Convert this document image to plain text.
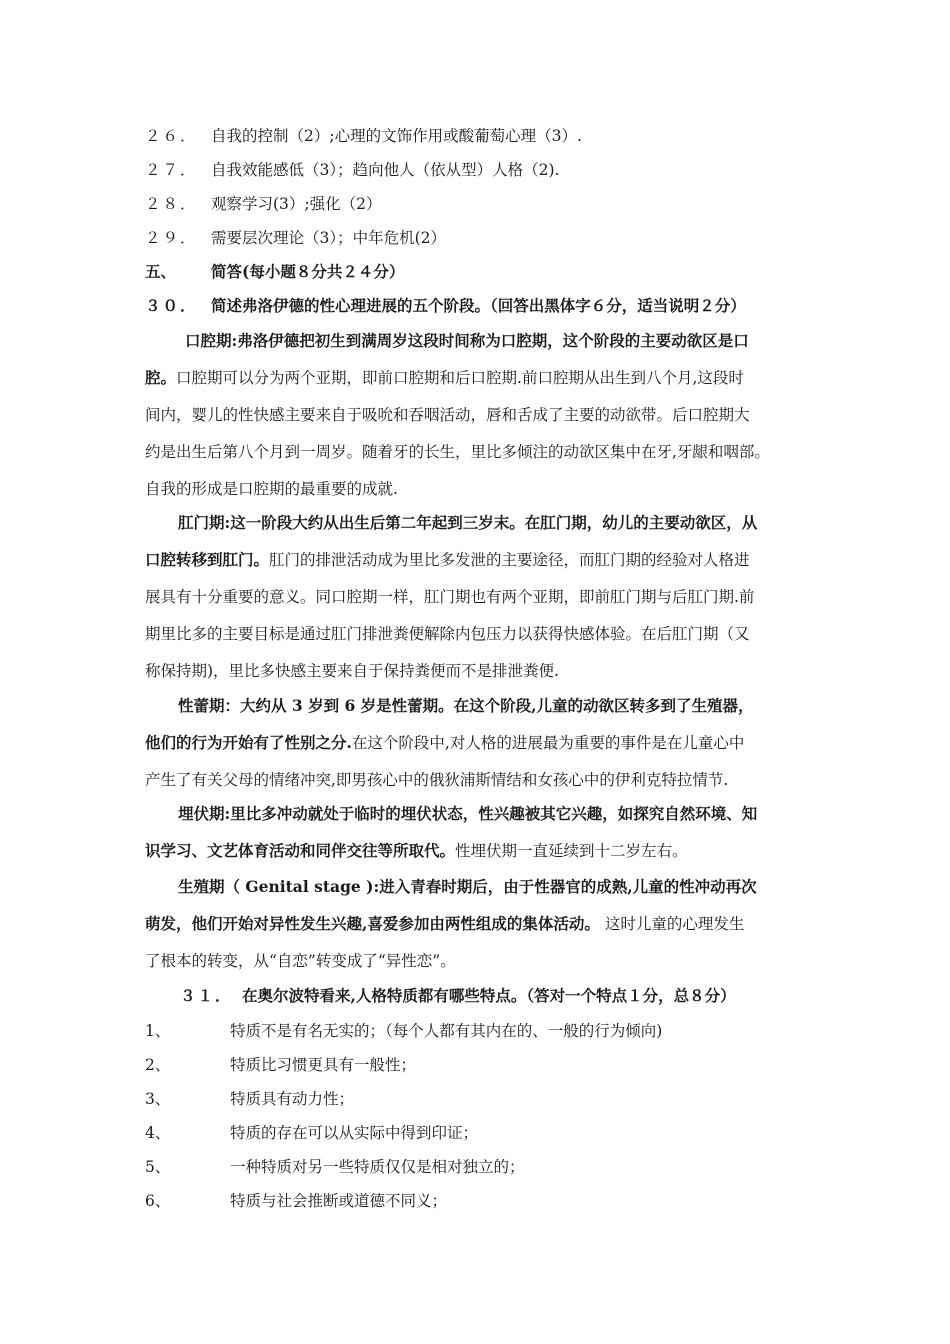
２６． 自我的控制（2）;心理的文饰作用或酸葡萄心理（3）.
２７． 自我效能感低（3）；趋向他人（依从型）人格（2).
２８． 观察学习(3）;强化（2）
２９． 需要层次理论（3）；中年危机(2）
五、 简答(每小题８分共２４分）
３０． 简述弗洛伊德的性心理进展的五个阶段。（回答出黑体字６分，适当说明２分）
口腔期:弗洛伊德把初生到满周岁这段时间称为口腔期，这个阶段的主要动欲区是口
腔。口腔期可以分为两个亚期，即前口腔期和后口腔期.前口腔期从出生到八个月,这段时
间内，婴儿的性快感主要来自于吸吮和吞咽活动，唇和舌成了主要的动欲带。后口腔期大
约是出生后第八个月到一周岁。随着牙的长生，里比多倾注的动欲区集中在牙,牙龈和咽部。
自我的形成是口腔期的最重要的成就.
肛门期:这一阶段大约从出生后第二年起到三岁末。在肛门期，幼儿的主要动欲区，从
口腔转移到肛门。肛门的排泄活动成为里比多发泄的主要途径，而肛门期的经验对人格进
展具有十分重要的意义。同口腔期一样，肛门期也有两个亚期，即前肛门期与后肛门期.前
期里比多的主要目标是通过肛门排泄粪便解除内包压力以获得快感体验。在后肛门期（又
称保持期)，里比多快感主要来自于保持粪便而不是排泄粪便.
性蕾期：大约从 3 岁到 6 岁是性蕾期。在这个阶段,儿童的动欲区转多到了生殖器，
他们的行为开始有了性别之分.在这个阶段中,对人格的进展最为重要的事件是在儿童心中
产生了有关父母的情绪冲突,即男孩心中的俄狄浦斯情结和女孩心中的伊利克特拉情节.
埋伏期:里比多冲动就处于临时的埋伏状态，性兴趣被其它兴趣，如探究自然环境、知
识学习、文艺体育活动和同伴交往等所取代。性埋伏期一直延续到十二岁左右。
生殖期（ Genital stage ):进入青春时期后，由于性器官的成熟,儿童的性冲动再次
萌发，他们开始对异性发生兴趣,喜爱参加由两性组成的集体活动。 这时儿童的心理发生
了根本的转变，从“自恋”转变成了“异性恋”。
３１． 在奥尔波特看来,人格特质都有哪些特点。（答对一个特点１分，总８分）
1、	特质不是有名无实的；（每个人都有其内在的、一般的行为倾向)
2、	特质比习惯更具有一般性；
3、	特质具有动力性；
4、	特质的存在可以从实际中得到印证；
5、	一种特质对另一些特质仅仅是相对独立的；
6、	特质与社会推断或道德不同义；
